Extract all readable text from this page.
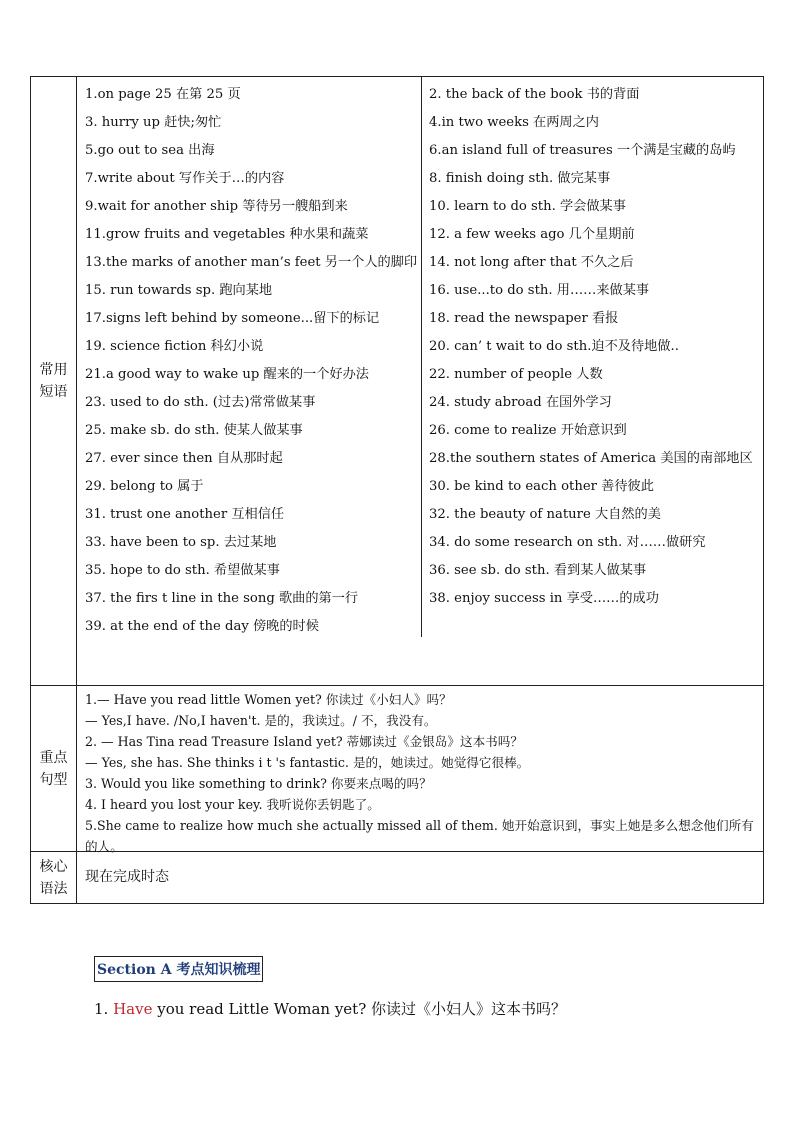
常用短语
1.on page 25 在第 25 页
3. hurry up 赶快;匆忙
5.go out to sea 出海
7.write about 写作关于…的内容
9.wait for another ship 等待另一艘船到来
11.grow fruits and vegetables 种水果和蔬菜
13.the marks of another man’s feet 另一个人的脚印
15. run towards sp. 跑向某地
17.signs left behind by someone...留下的标记
19. science fiction 科幻小说
21.a good way to wake up 醒来的一个好办法
23. used to do sth. (过去)常常做某事
25. make sb. do sth. 使某人做某事
27. ever since then 自从那时起
29. belong to 属于
31. trust one another 互相信任
33. have been to sp. 去过某地
35. hope to do sth. 希望做某事
37. the firs t line in the song 歌曲的第一行
39. at the end of the day 傍晚的时候
2. the back of the book 书的背面
4.in two weeks 在两周之内
6.an island full of treasures 一个满是宝藏的岛屿
8. finish doing sth. 做完某事
10. learn to do sth. 学会做某事
12. a few weeks ago 几个星期前
14. not long after that 不久之后
16. use...to do sth. 用……来做某事
18. read the newspaper 看报
20. can’ t wait to do sth.迫不及待地做..
22. number of people 人数
24. study abroad 在国外学习
26. come to realize 开始意识到
28.the southern states of America 美国的南部地区
30. be kind to each other 善待彼此
32. the beauty of nature 大自然的美
34. do some research on sth. 对……做研究
36. see sb. do sth. 看到某人做某事
38. enjoy success in 享受……的成功
重点句型
1.— Have you read little Women yet? 你读过《小妇人》吗？
— Yes,I have. /No,I haven't. 是的，我读过。/ 不，我没有。
2. — Has Tina read Treasure Island yet? 蒂娜读过《金银岛》这本书吗？
— Yes, she has. She thinks i t 's fantastic. 是的，她读过。她觉得它很棒。
3. Would you like something to drink? 你要来点喝的吗？
4. I heard you lost your key. 我听说你丢钥匙了。
5.She came to realize how much she actually missed all of them. 她开始意识到，事实上她是多么想念他们所有的人。
核心语法
现在完成时态
Section A 考点知识梳理
1. Have you read Little Woman yet? 你读过《小妇人》这本书吗？
